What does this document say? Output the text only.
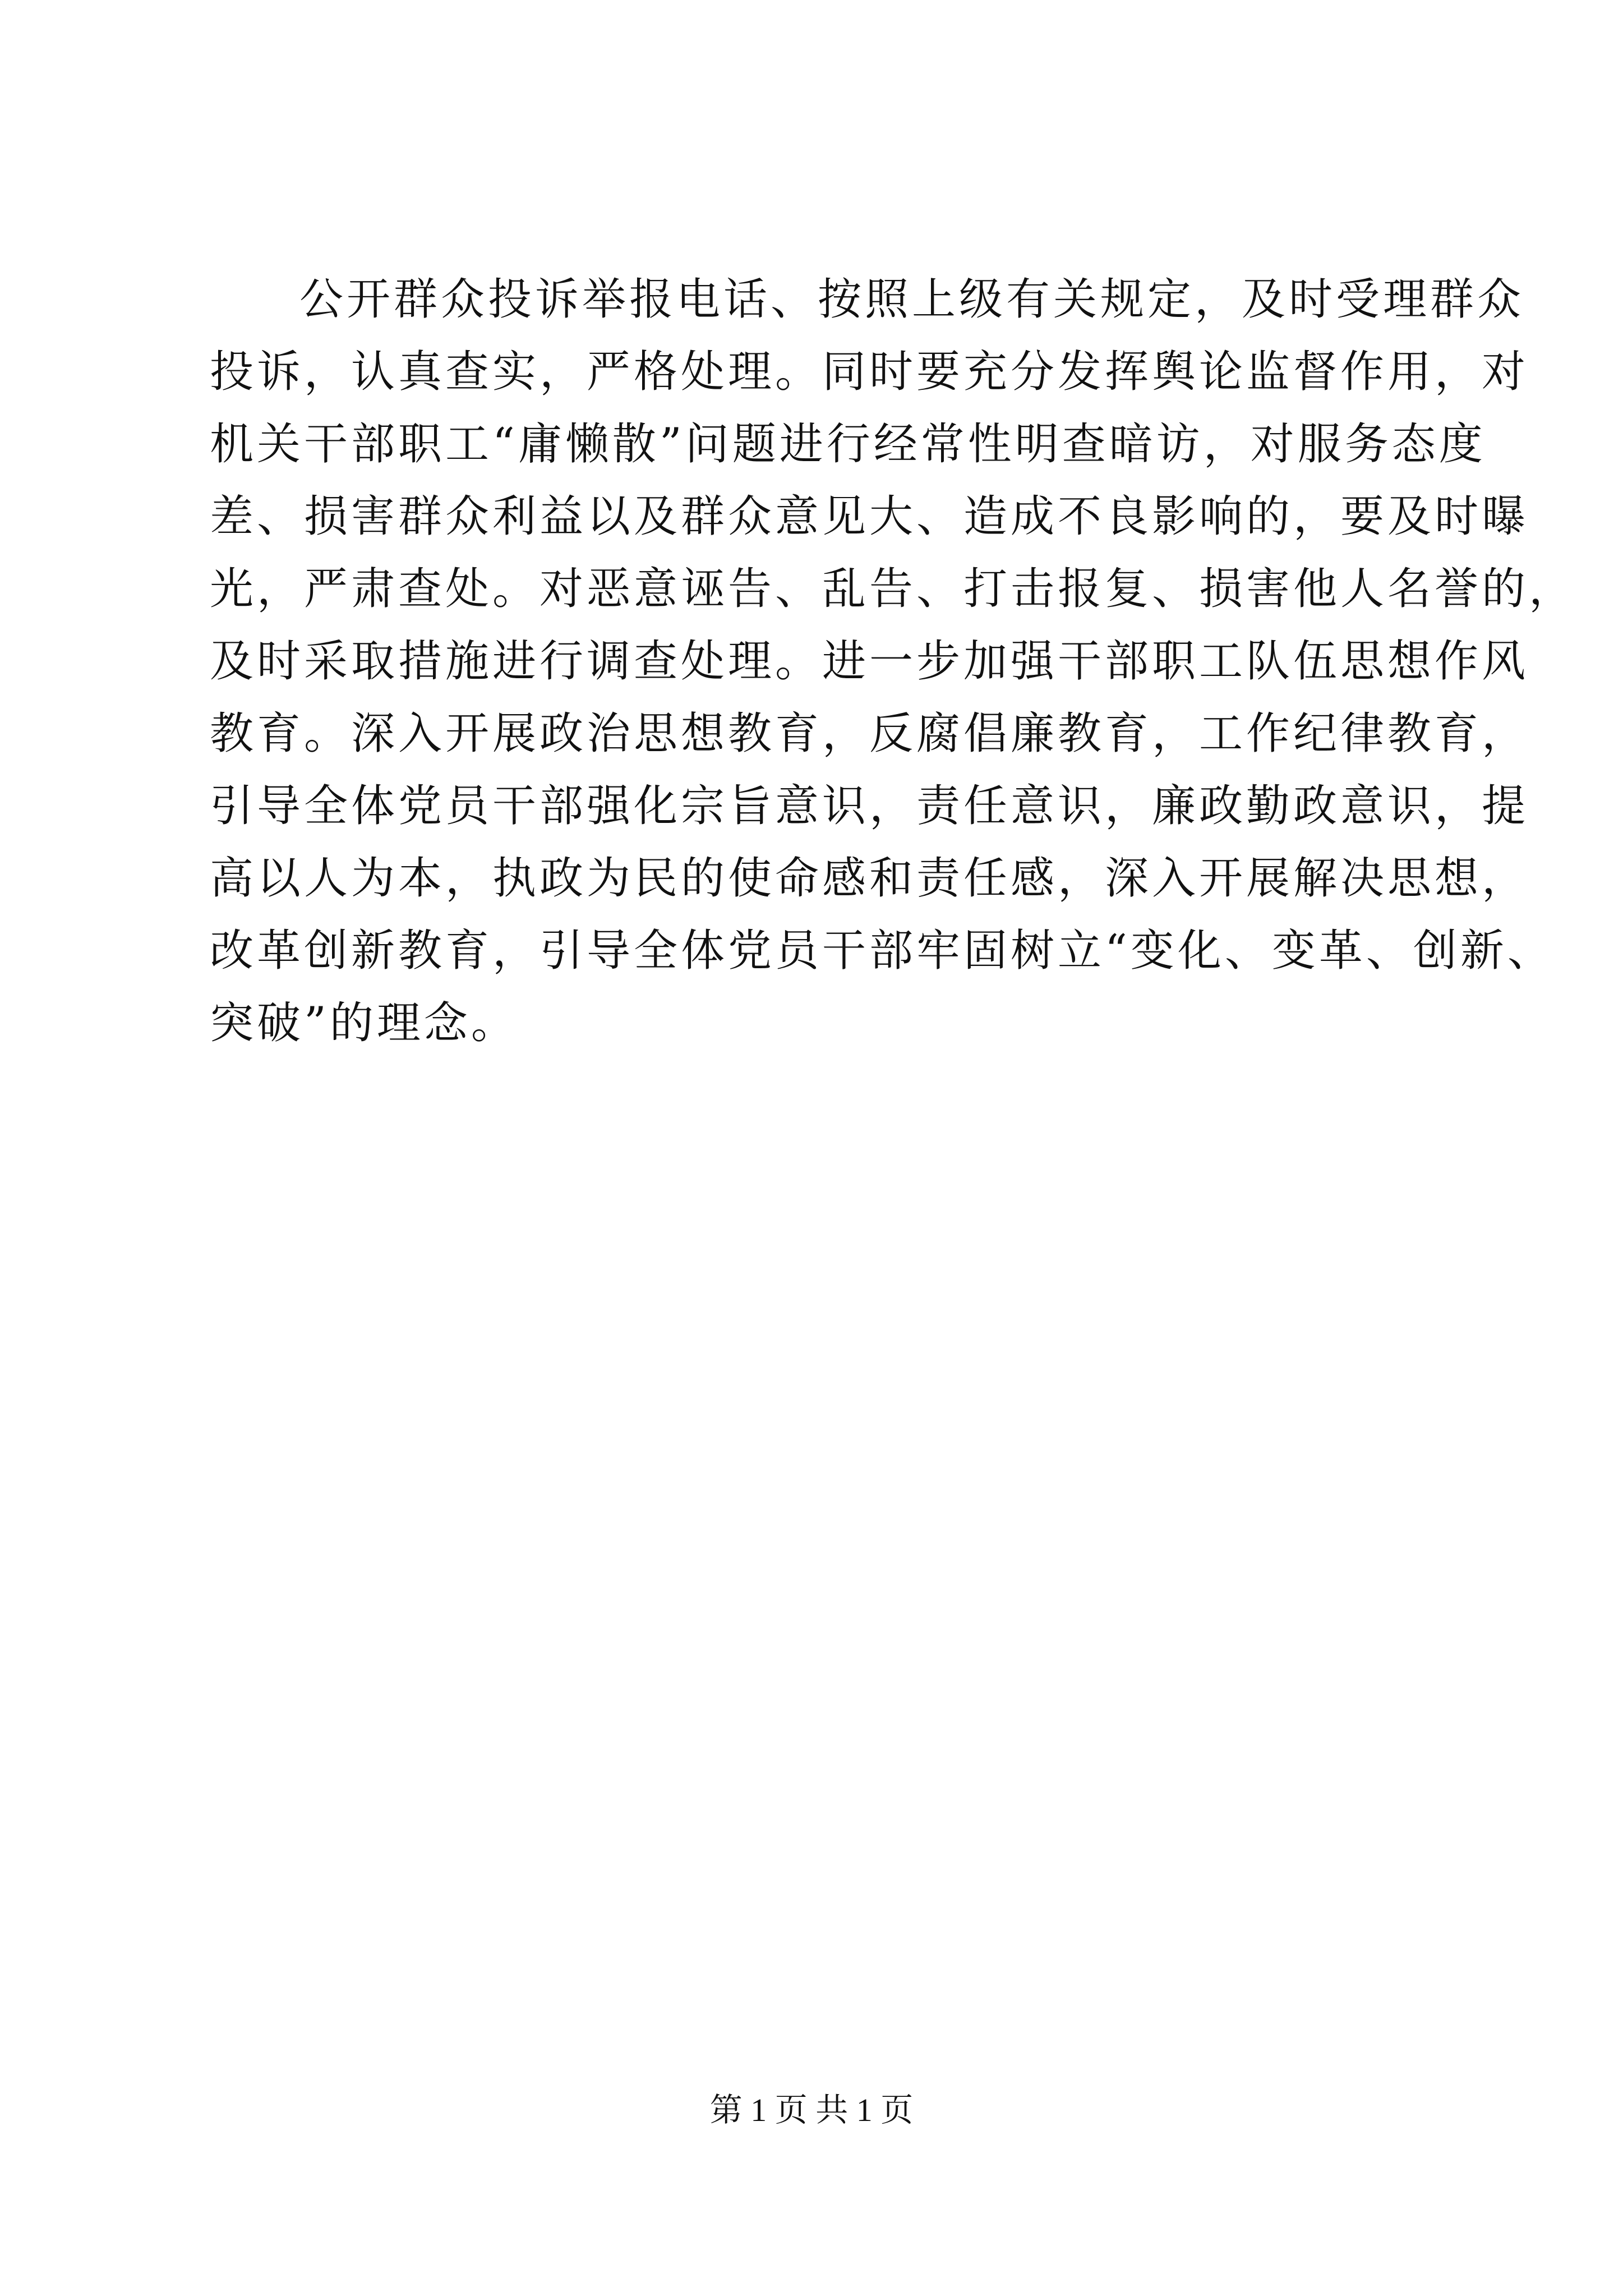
公开群众投诉举报电话、按照上级有关规定，及时受理群众
投诉，认真查实，严格处理。同时要充分发挥舆论监督作用，对
机关干部职工“庸懒散”问题进行经常性明查暗访，对服务态度
差、损害群众利益以及群众意见大、造成不良影响的，要及时曝
光，严肃查处。对恶意诬告、乱告、打击报复、损害他人名誉的，
及时采取措施进行调查处理。进一步加强干部职工队伍思想作风
教育。深入开展政治思想教育，反腐倡廉教育，工作纪律教育，
引导全体党员干部强化宗旨意识，责任意识，廉政勤政意识，提
高以人为本，执政为民的使命感和责任感，深入开展解决思想，
改革创新教育，引导全体党员干部牢固树立“变化、变革、创新、
突破”的理念。
第 1 页 共 1 页
